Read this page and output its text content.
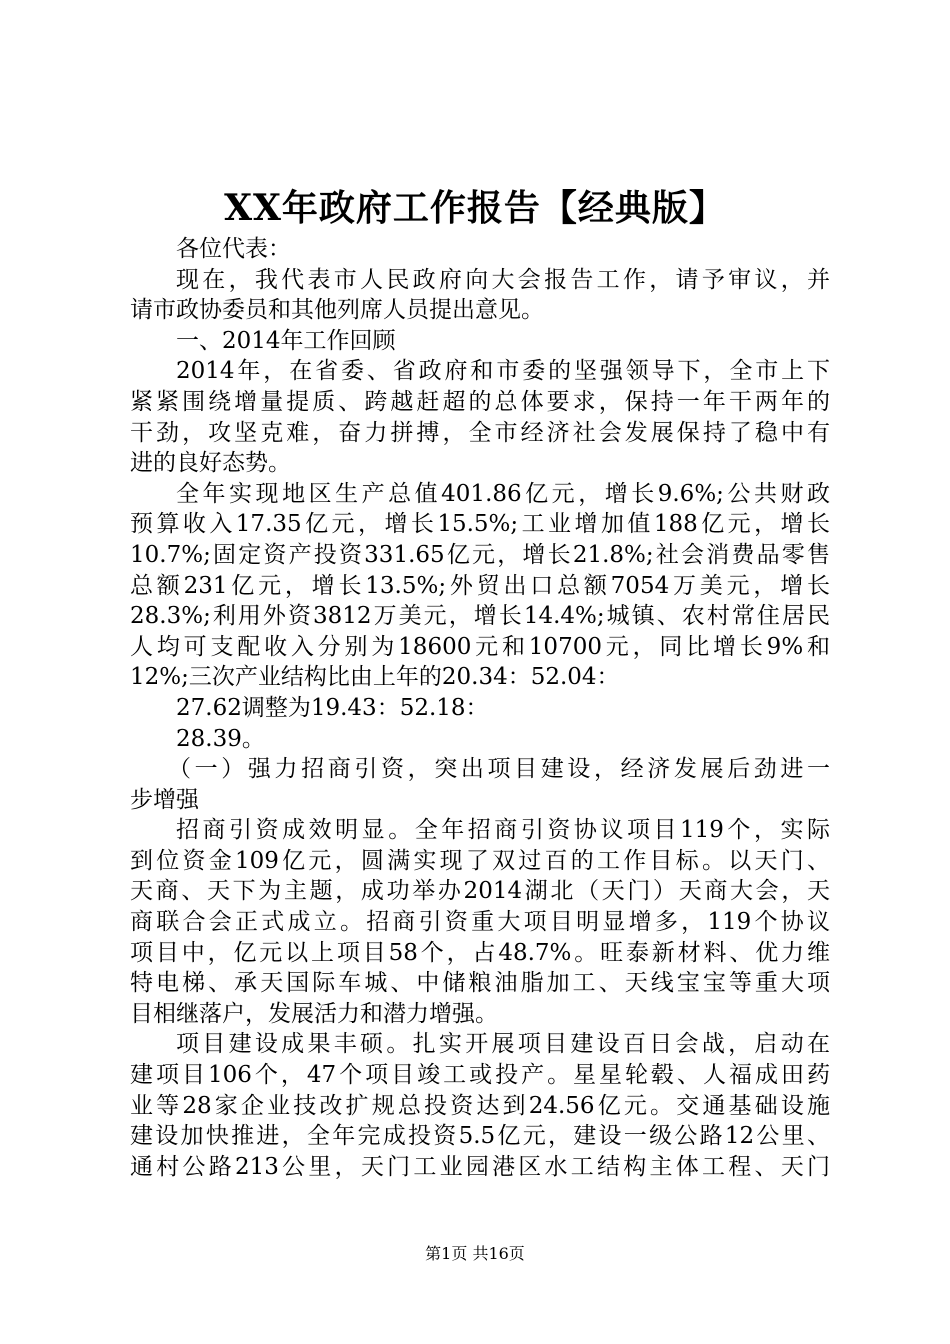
XX年政府工作报告【经典版】
各位代表：
现在，我代表市人民政府向大会报告工作，请予审议，并
请市政协委员和其他列席人员提出意见。
一、2014年工作回顾
2014年，在省委、省政府和市委的坚强领导下，全市上下
紧紧围绕增量提质、跨越赶超的总体要求，保持一年干两年的
干劲，攻坚克难，奋力拼搏，全市经济社会发展保持了稳中有
进的良好态势。
全年实现地区生产总值401.86亿元，增长9.6%;公共财政
预算收入17.35亿元，增长15.5%;工业增加值188亿元，增长
10.7%;固定资产投资331.65亿元，增长21.8%;社会消费品零售
总额231亿元，增长13.5%;外贸出口总额7054万美元，增长
28.3%;利用外资3812万美元，增长14.4%;城镇、农村常住居民
人均可支配收入分别为18600元和10700元，同比增长9%和
12%;三次产业结构比由上年的20.34：52.04：
27.62调整为19.43：52.18：
28.39。
（一）强力招商引资，突出项目建设，经济发展后劲进一
步增强
招商引资成效明显。全年招商引资协议项目119个，实际
到位资金109亿元，圆满实现了双过百的工作目标。以天门、
天商、天下为主题，成功举办2014湖北（天门）天商大会，天
商联合会正式成立。招商引资重大项目明显增多，119个协议
项目中，亿元以上项目58个，占48.7%。旺泰新材料、优力维
特电梯、承天国际车城、中储粮油脂加工、天线宝宝等重大项
目相继落户，发展活力和潜力增强。
项目建设成果丰硕。扎实开展项目建设百日会战，启动在
建项目106个，47个项目竣工或投产。星星轮毂、人福成田药
业等28家企业技改扩规总投资达到24.56亿元。交通基础设施
建设加快推进，全年完成投资5.5亿元，建设一级公路12公里、
通村公路213公里，天门工业园港区水工结构主体工程、天门
第1页 共16页
